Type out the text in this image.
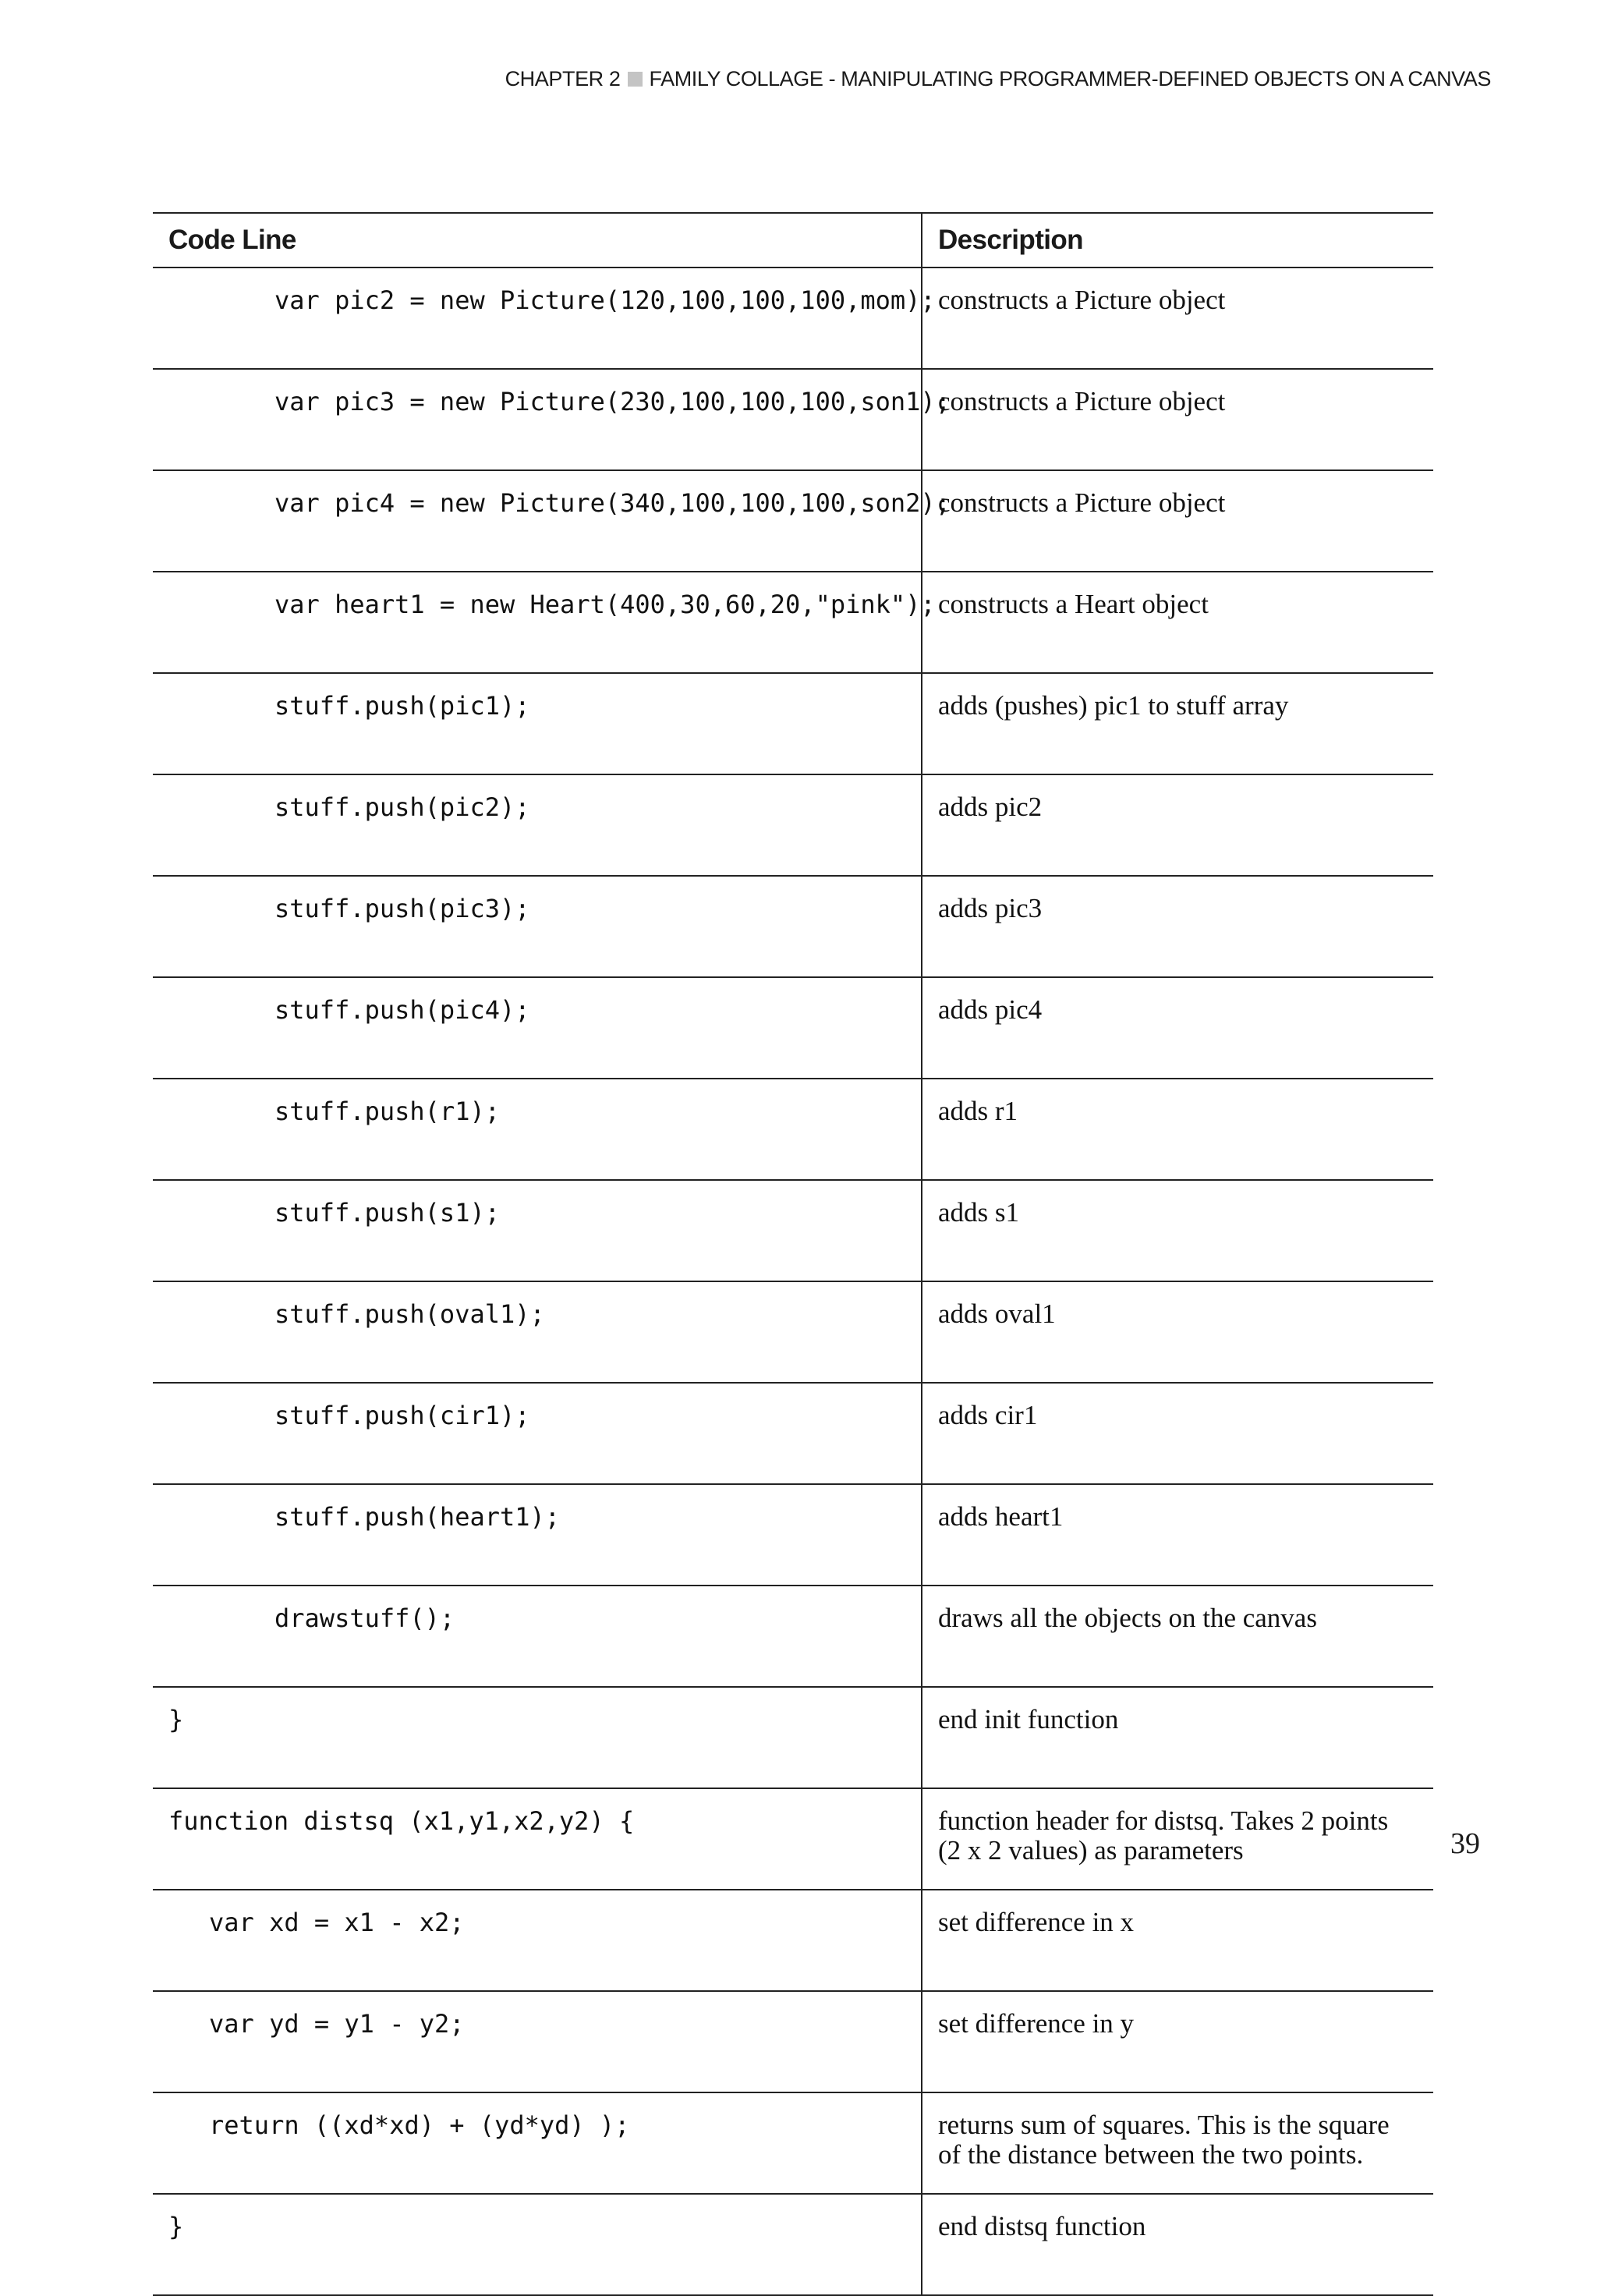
CHAPTER 2 FAMILY COLLAGE - MANIPULATING PROGRAMMER-DEFINED OBJECTS ON A CANVAS
Code Line	Description
var pic2 = new Picture(120,100,100,100,mom);	constructs a Picture object
var pic3 = new Picture(230,100,100,100,son1);	constructs a Picture object
var pic4 = new Picture(340,100,100,100,son2);	constructs a Picture object
var heart1 = new Heart(400,30,60,20,"pink");	constructs a Heart object
stuff.push(pic1);	adds (pushes) pic1 to stuff array
stuff.push(pic2);	adds pic2
stuff.push(pic3);	adds pic3
stuff.push(pic4);	adds pic4
stuff.push(r1);	adds r1
stuff.push(s1);	adds s1
stuff.push(oval1);	adds oval1
stuff.push(cir1);	adds cir1
stuff.push(heart1);	adds heart1
drawstuff();	draws all the objects on the canvas
}	end init function
function distsq (x1,y1,x2,y2) {	function header for distsq. Takes 2 points (2 x 2 values) as parameters
var xd = x1 - x2;	set difference in x
var yd = y1 - y2;	set difference in y
return ((xd*xd) + (yd*yd) );	returns sum of squares. This is the square of the distance between the two points.
}	end distsq function
39
